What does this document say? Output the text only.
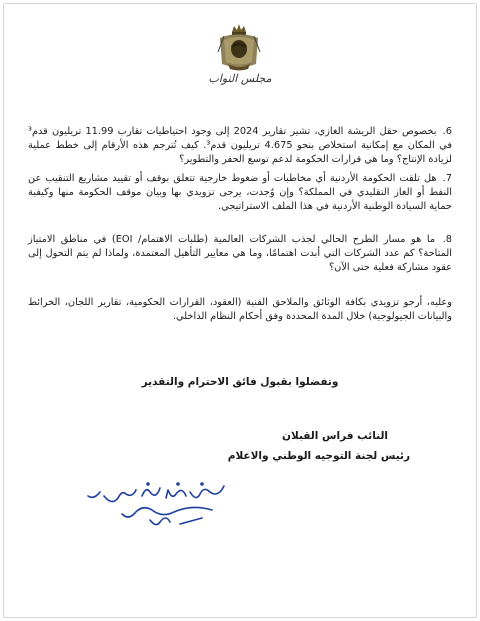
مجلس النواب
6. بخصوص حقل الريشة الغازي، تشير تقارير 2024 إلى وجود احتياطيات تقارب 11.99 تريليون قدم³ في المكان مع إمكانية استخلاص بنحو 4.675 تريليون قدم³. كيف تُترجم هذه الأرقام إلى خطط عملية لزيادة الإنتاج؟ وما هي قرارات الحكومة لدعم توسع الحفر والتطوير؟
7. هل تلقت الحكومة الأردنية أي مخاطبات أو ضغوط خارجية تتعلق بوقف أو تقييد مشاريع التنقيب عن النفط أو الغاز التقليدي في المملكة؟ وإن وُجدت، يرجى تزويدي بها وبيان موقف الحكومة منها وكيفية حماية السيادة الوطنية الأردنية في هذا الملف الاستراتيجي.
8. ما هو مسار الطرح الحالي لجذب الشركات العالمية (طلبات الاهتمام/ EOI) في مناطق الامتياز المتاحة؟ كم عدد الشركات التي أبدت اهتمامًا، وما هي معايير التأهيل المعتمدة، ولماذا لم يتم التحول إلى عقود مشاركة فعلية حتى الآن؟
وعليه، أرجو تزويدي بكافة الوثائق والملاحق الفنية (العقود، القرارات الحكومية، تقارير اللجان، الخرائط والبيانات الجيولوجية) خلال المدة المحددة وفق أحكام النظام الداخلي.
وتفضلوا بقبول فائق الاحترام والتقدير
النائب فراس القبلان
رئيس لجنة التوجيه الوطني والاعلام
